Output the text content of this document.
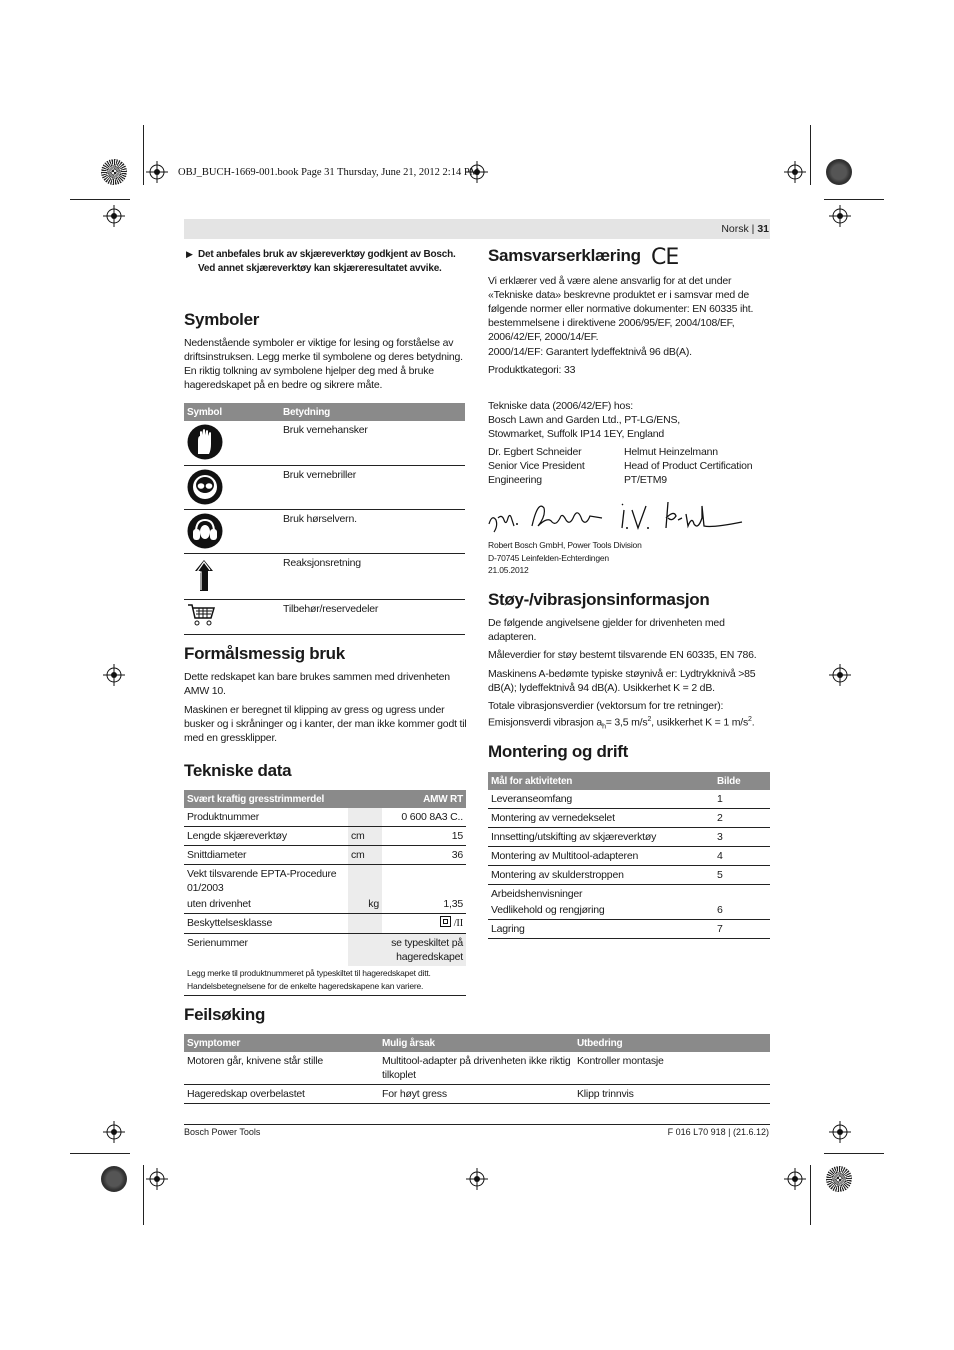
OBJ_BUCH-1669-001.book Page 31 Thursday, June 21, 2012 2:14 PM
Norsk | 31
▶ Det anbefales bruk av skjæreverktøy godkjent av Bosch. Ved annet skjæreverktøy kan skjæreresultatet avvike.
Symboler
Nedenstående symboler er viktige for lesing og forståelse av driftsinstruksen. Legg merke til symbolene og deres betydning. En riktig tolkning av symbolene hjelper deg med å bruke hageredskapet på en bedre og sikrere måte.
Symbol	Betydning

	Bruk vernehansker

	Bruk vernebriller

	Bruk hørselvern.

	Reaksjonsretning
	Tilbehør/reservedeler
Formålsmessig bruk
Dette redskapet kan bare brukes sammen med drivenheten AMW 10.
Maskinen er beregnet til klipping av gress og ugress under busker og i skråninger og i kanter, der man ikke kommer godt til med en gressklipper.
Tekniske data
Svært kraftig gresstrimmerdel		AMW RT
Produktnummer		0 600 8A3 C..
Lengde skjæreverktøy	cm	15
Snittdiameter	cm	36

Vekt tilsvarende EPTA-Procedure 01/2003		

uten drivenhet	kg	1,35
Beskyttelsesklasse		/II
Serienummer	se typeskiltet på hageredskapet	
Legg merke til produktnummeret på typeskiltet til hageredskapet ditt. Handelsbetegnelsene for de enkelte hageredskapene kan variere.		
Feilsøking
Symptomer	Mulig årsak	Utbedring
Motoren går, knivene står stille	Multitool-adapter på drivenheten ikke riktig tilkoplet	Kontroller montasje
Hageredskap overbelastet	For høyt gress	Klipp trinnvis
Samsvarserklæring CE
Vi erklærer ved å være alene ansvarlig for at det under «Tekniske data» beskrevne produktet er i samsvar med de følgende normer eller normative dokumenter: EN 60335 iht. bestemmelsene i direktivene 2006/95/EF, 2004/108/EF, 2006/42/EF, 2000/14/EF.
2000/14/EF: Garantert lydeffektnivå 96 dB(A).
Produktkategori: 33
Tekniske data (2006/42/EF) hos:
Bosch Lawn and Garden Ltd., PT-LG/ENS,
Stowmarket, Suffolk IP14 1EY, England
Dr. Egbert Schneider
Senior Vice President
Engineering
Helmut Heinzelmann
Head of Product Certification
PT/ETM9
Robert Bosch GmbH, Power Tools Division
D-70745 Leinfelden-Echterdingen
21.05.2012
Støy-/vibrasjonsinformasjon
De følgende angivelsene gjelder for drivenheten med adapteren.
Måleverdier for støy bestemt tilsvarende EN 60335, EN 786.
Maskinens A-bedømte typiske støynivå er: Lydtrykknivå >85 dB(A); lydeffektnivå 94 dB(A). Usikkerhet K = 2 dB.
Totale vibrasjonsverdier (vektorsum for tre retninger): Emisjonsverdi vibrasjon $a_h= 3,5$ $m/s^2$, usikkerhet K = 1 $m/s^2$.
Montering og drift
Mål for aktiviteten	Bilde
Leveranseomfang	1
Montering av vernedekselet	2
Innsetting/utskifting av skjæreverktøy	3
Montering av Multitool-adapteren	4
Montering av skulderstroppen	5
Arbeidshenvisninger	
Vedlikehold og rengjøring	6
Lagring	7
Bosch Power Tools	F 016 L70 918 | (21.6.12)
